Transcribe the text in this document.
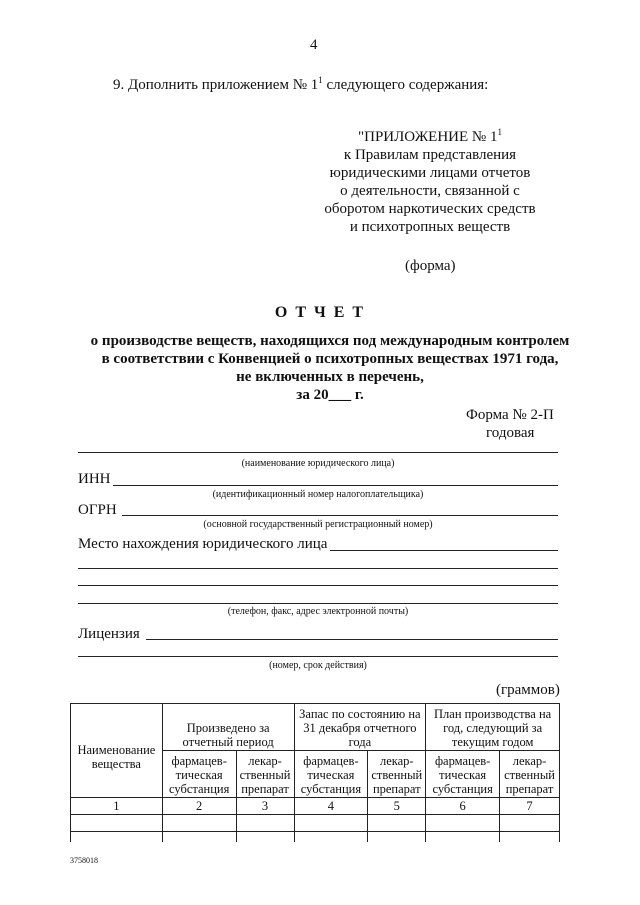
4
9. Дополнить приложением № $1^1$ следующего содержания:
"ПРИЛОЖЕНИЕ № $1^1$
к Правилам представления
юридическими лицами отчетов
о деятельности, связанной с
оборотом наркотических средств
и психотропных веществ
(форма)
О Т Ч Е Т
о производстве веществ, находящихся под международным контролем
в соответствии с Конвенцией о психотропных веществах 1971 года,
не включенных в перечень,
за 20___ г.
Форма № 2-П
годовая
(наименование юридического лица)
ИНН
(идентификационный номер налогоплательщика)
ОГРН
(основной государственный регистрационный номер)
Место нахождения юридического лица
(телефон, факс, адрес электронной почты)
Лицензия
(номер, срок действия)
(граммов)
Наименование вещества	Произведено за отчетный период		Запас по состоянию на 31 декабря отчетного года		План производства на год, следующий за текущим годом	
	фармацев- тическая субстанция	лекар- ственный препарат	фармацев- тическая субстанция	лекар- ственный препарат	фармацев- тическая субстанция	лекар- ственный препарат
1	2	3	4	5	6	7

3758018
